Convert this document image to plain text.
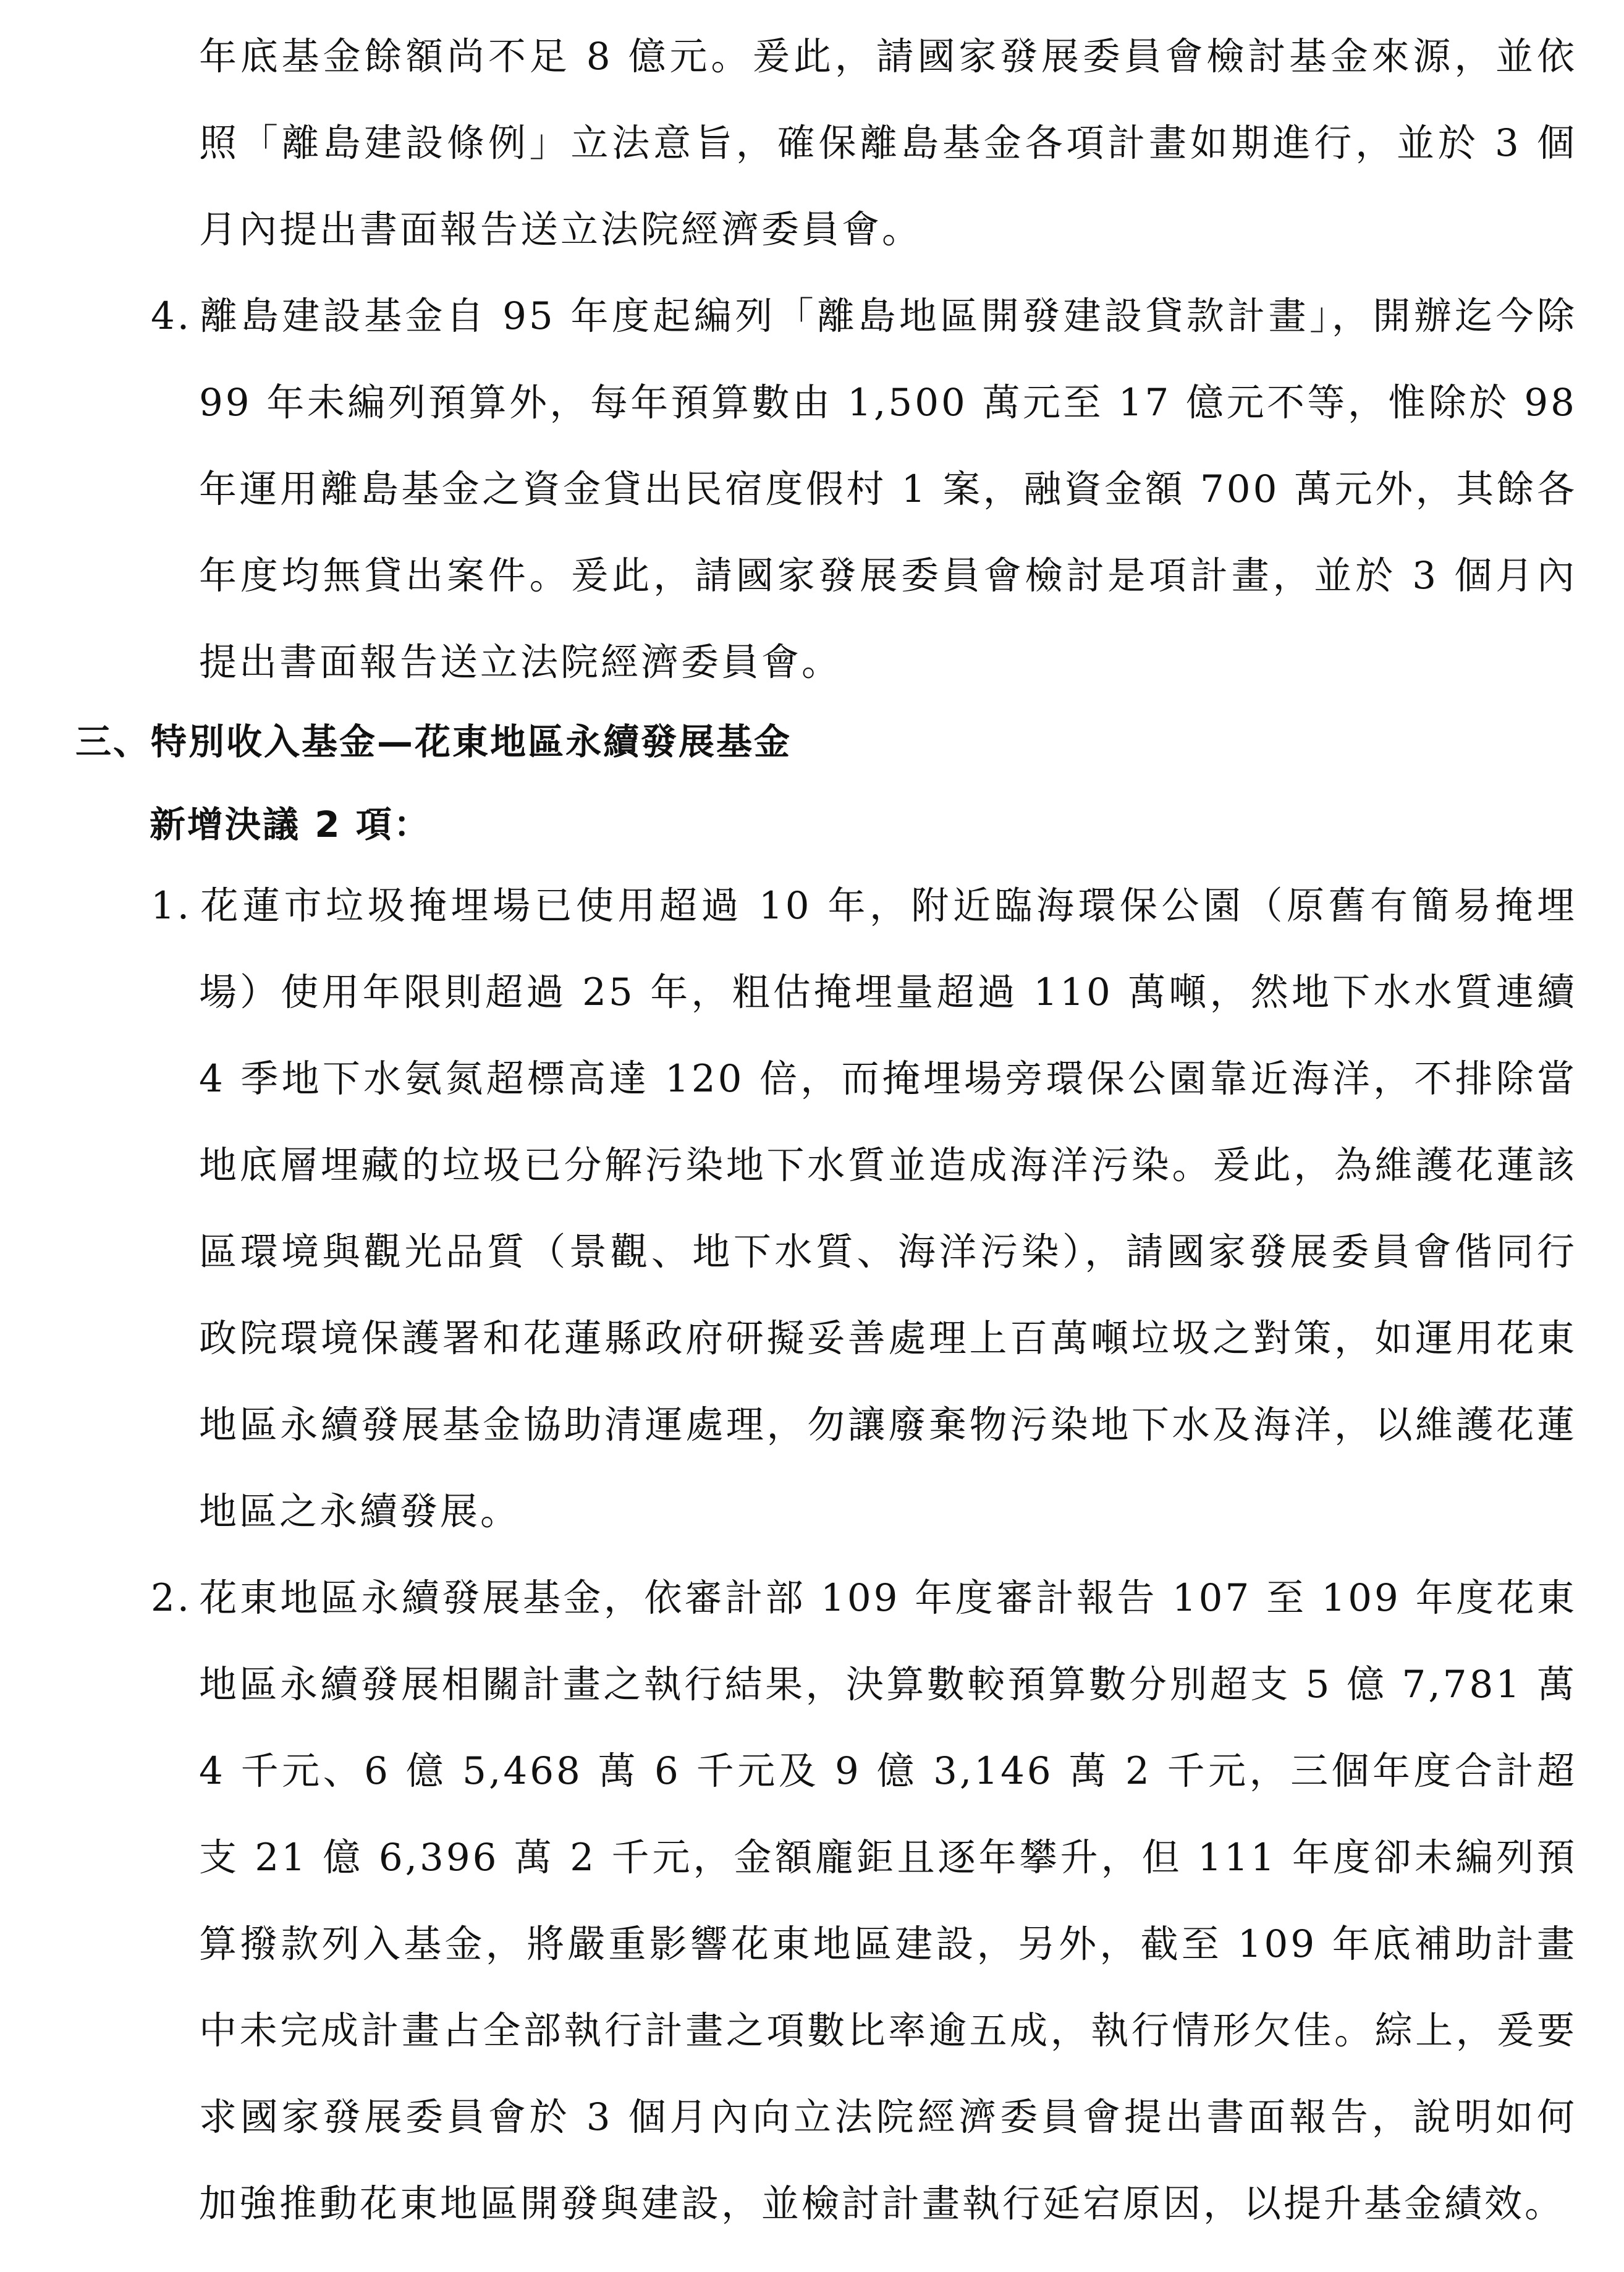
年底基金餘額尚不足 8 億元。爰此，請國家發展委員會檢討基金來源，並依照「離島建設條例」立法意旨，確保離島基金各項計畫如期進行，並於 3 個月內提出書面報告送立法院經濟委員會。

4. 離島建設基金自 95 年度起編列「離島地區開發建設貸款計畫」，開辦迄今除 99 年未編列預算外，每年預算數由 1,500 萬元至 17 億元不等，惟除於 98 年運用離島基金之資金貸出民宿度假村 1 案，融資金額 700 萬元外，其餘各年度均無貸出案件。爰此，請國家發展委員會檢討是項計畫，並於 3 個月內提出書面報告送立法院經濟委員會。

三、特別收入基金—花東地區永續發展基金
新增決議 2 項：

1. 花蓮市垃圾掩埋場已使用超過 10 年，附近臨海環保公園（原舊有簡易掩埋場）使用年限則超過 25 年，粗估掩埋量超過 110 萬噸，然地下水水質連續 4 季地下水氨氮超標高達 120 倍，而掩埋場旁環保公園靠近海洋，不排除當地底層埋藏的垃圾已分解污染地下水質並造成海洋污染。爰此，為維護花蓮該區環境與觀光品質（景觀、地下水質、海洋污染），請國家發展委員會偕同行政院環境保護署和花蓮縣政府研擬妥善處理上百萬噸垃圾之對策，如運用花東地區永續發展基金協助清運處理，勿讓廢棄物污染地下水及海洋，以維護花蓮地區之永續發展。

2. 花東地區永續發展基金，依審計部 109 年度審計報告 107 至 109 年度花東地區永續發展相關計畫之執行結果，決算數較預算數分別超支 5 億 7,781 萬 4 千元、6 億 5,468 萬 6 千元及 9 億 3,146 萬 2 千元，三個年度合計超支 21 億 6,396 萬 2 千元，金額龐鉅且逐年攀升，但 111 年度卻未編列預算撥款列入基金，將嚴重影響花東地區建設，另外，截至 109 年底補助計畫中未完成計畫占全部執行計畫之項數比率逾五成，執行情形欠佳。綜上，爰要求國家發展委員會於 3 個月內向立法院經濟委員會提出書面報告，說明如何加強推動花東地區開發與建設，並檢討計畫執行延宕原因，以提升基金績效。
